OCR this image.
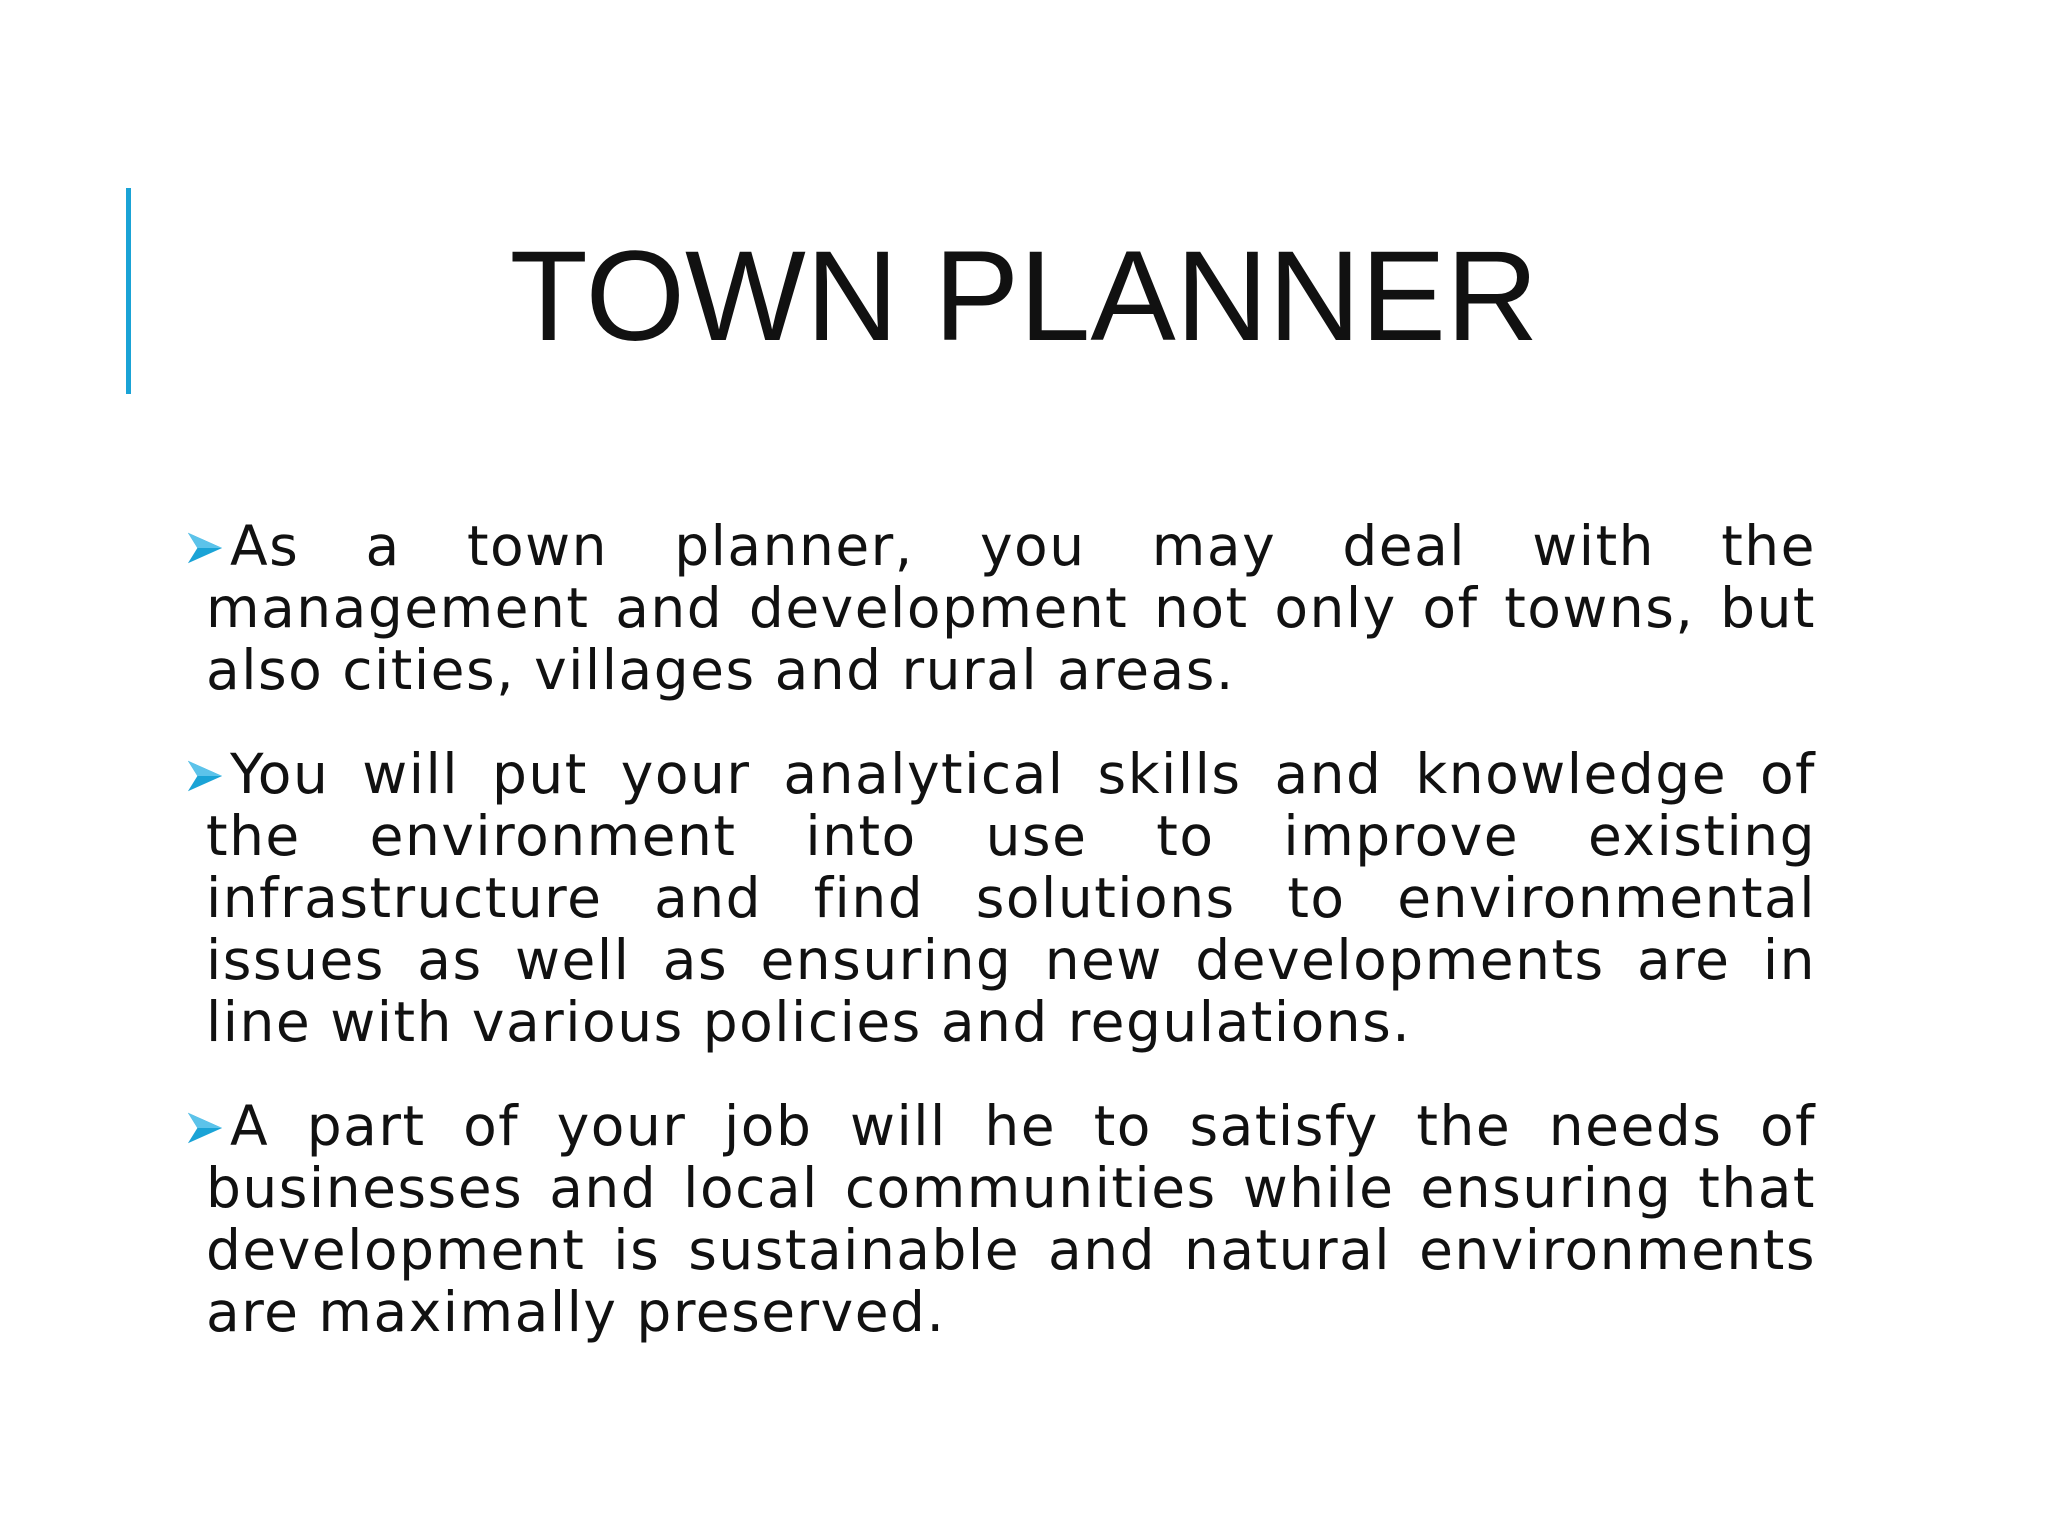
TOWN PLANNER

As a town planner, you may deal with the management and development not only of towns, but also cities, villages and rural areas.

You will put your analytical skills and knowledge of the environment into use to improve existing infrastructure and find solutions to environmental issues as well as ensuring new developments are in line with various policies and regulations.

A part of your job will he to satisfy the needs of businesses and local communities while ensuring that development is sustainable and natural environments are maximally preserved.
